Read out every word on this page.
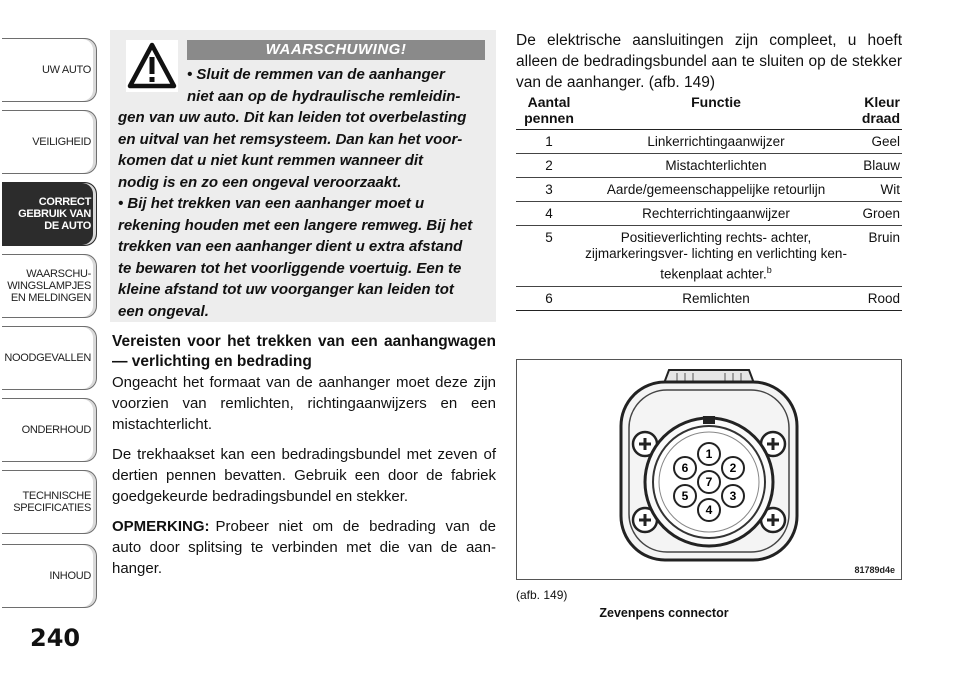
UW AUTO
VEILIGHEID
CORRECT
GEBRUIK VAN
DE AUTO
WAARSCHU-
WINGSLAMPJES
EN MELDINGEN
NOODGEVALLEN
ONDERHOUD
TECHNISCHE
SPECIFICATIES
INHOUD
240
WAARSCHUWING!
• Sluit de remmen van de aanhanger
niet aan op de hydraulische remleidin-
gen van uw auto. Dit kan leiden tot overbelasting
en uitval van het remsysteem. Dan kan het voor-
komen dat u niet kunt remmen wanneer dit
nodig is en zo een ongeval veroorzaakt.
• Bij het trekken van een aanhanger moet u
rekening houden met een langere remweg. Bij het
trekken van een aanhanger dient u extra afstand
te bewaren tot het voorliggende voertuig. Een te
kleine afstand tot uw voorganger kan leiden tot
een ongeval.
Vereisten voor het trekken van een aanhangwagen — verlichting en bedrading

Ongeacht het formaat van de aanhanger moet deze zijn voorzien van remlichten, richtingaanwijzers en een mistachterlicht.

De trekhaakset kan een bedradingsbundel met zeven of dertien pennen bevatten. Gebruik een door de fabriek goedgekeurde bedradingsbundel en stekker.

OPMERKING: Probeer niet om de bedrading van de auto door splitsing te verbinden met die van de aan- hanger.

De elektrische aansluitingen zijn compleet, u hoeft alleen de bedradingsbundel aan te sluiten op de stekker van de aanhanger. (afb. 149)
Aantal pennen	Functie	Kleur draad
1	Linkerrichtingaanwijzer	Geel
2	Mistachterlichten	Blauw
3	Aarde/gemeenschappelijke retourlijn	Wit
4	Rechterrichtingaanwijzer	Groen
5	Positieverlichting rechts- achter, zijmarkeringsver- lichting en verlichting ken- tekenplaat achter.$^b$	Bruin
6	Remlichten	Rood
1
2
3
4
5
6
7
81789d4e
(afb. 149)
Zevenpens connector
